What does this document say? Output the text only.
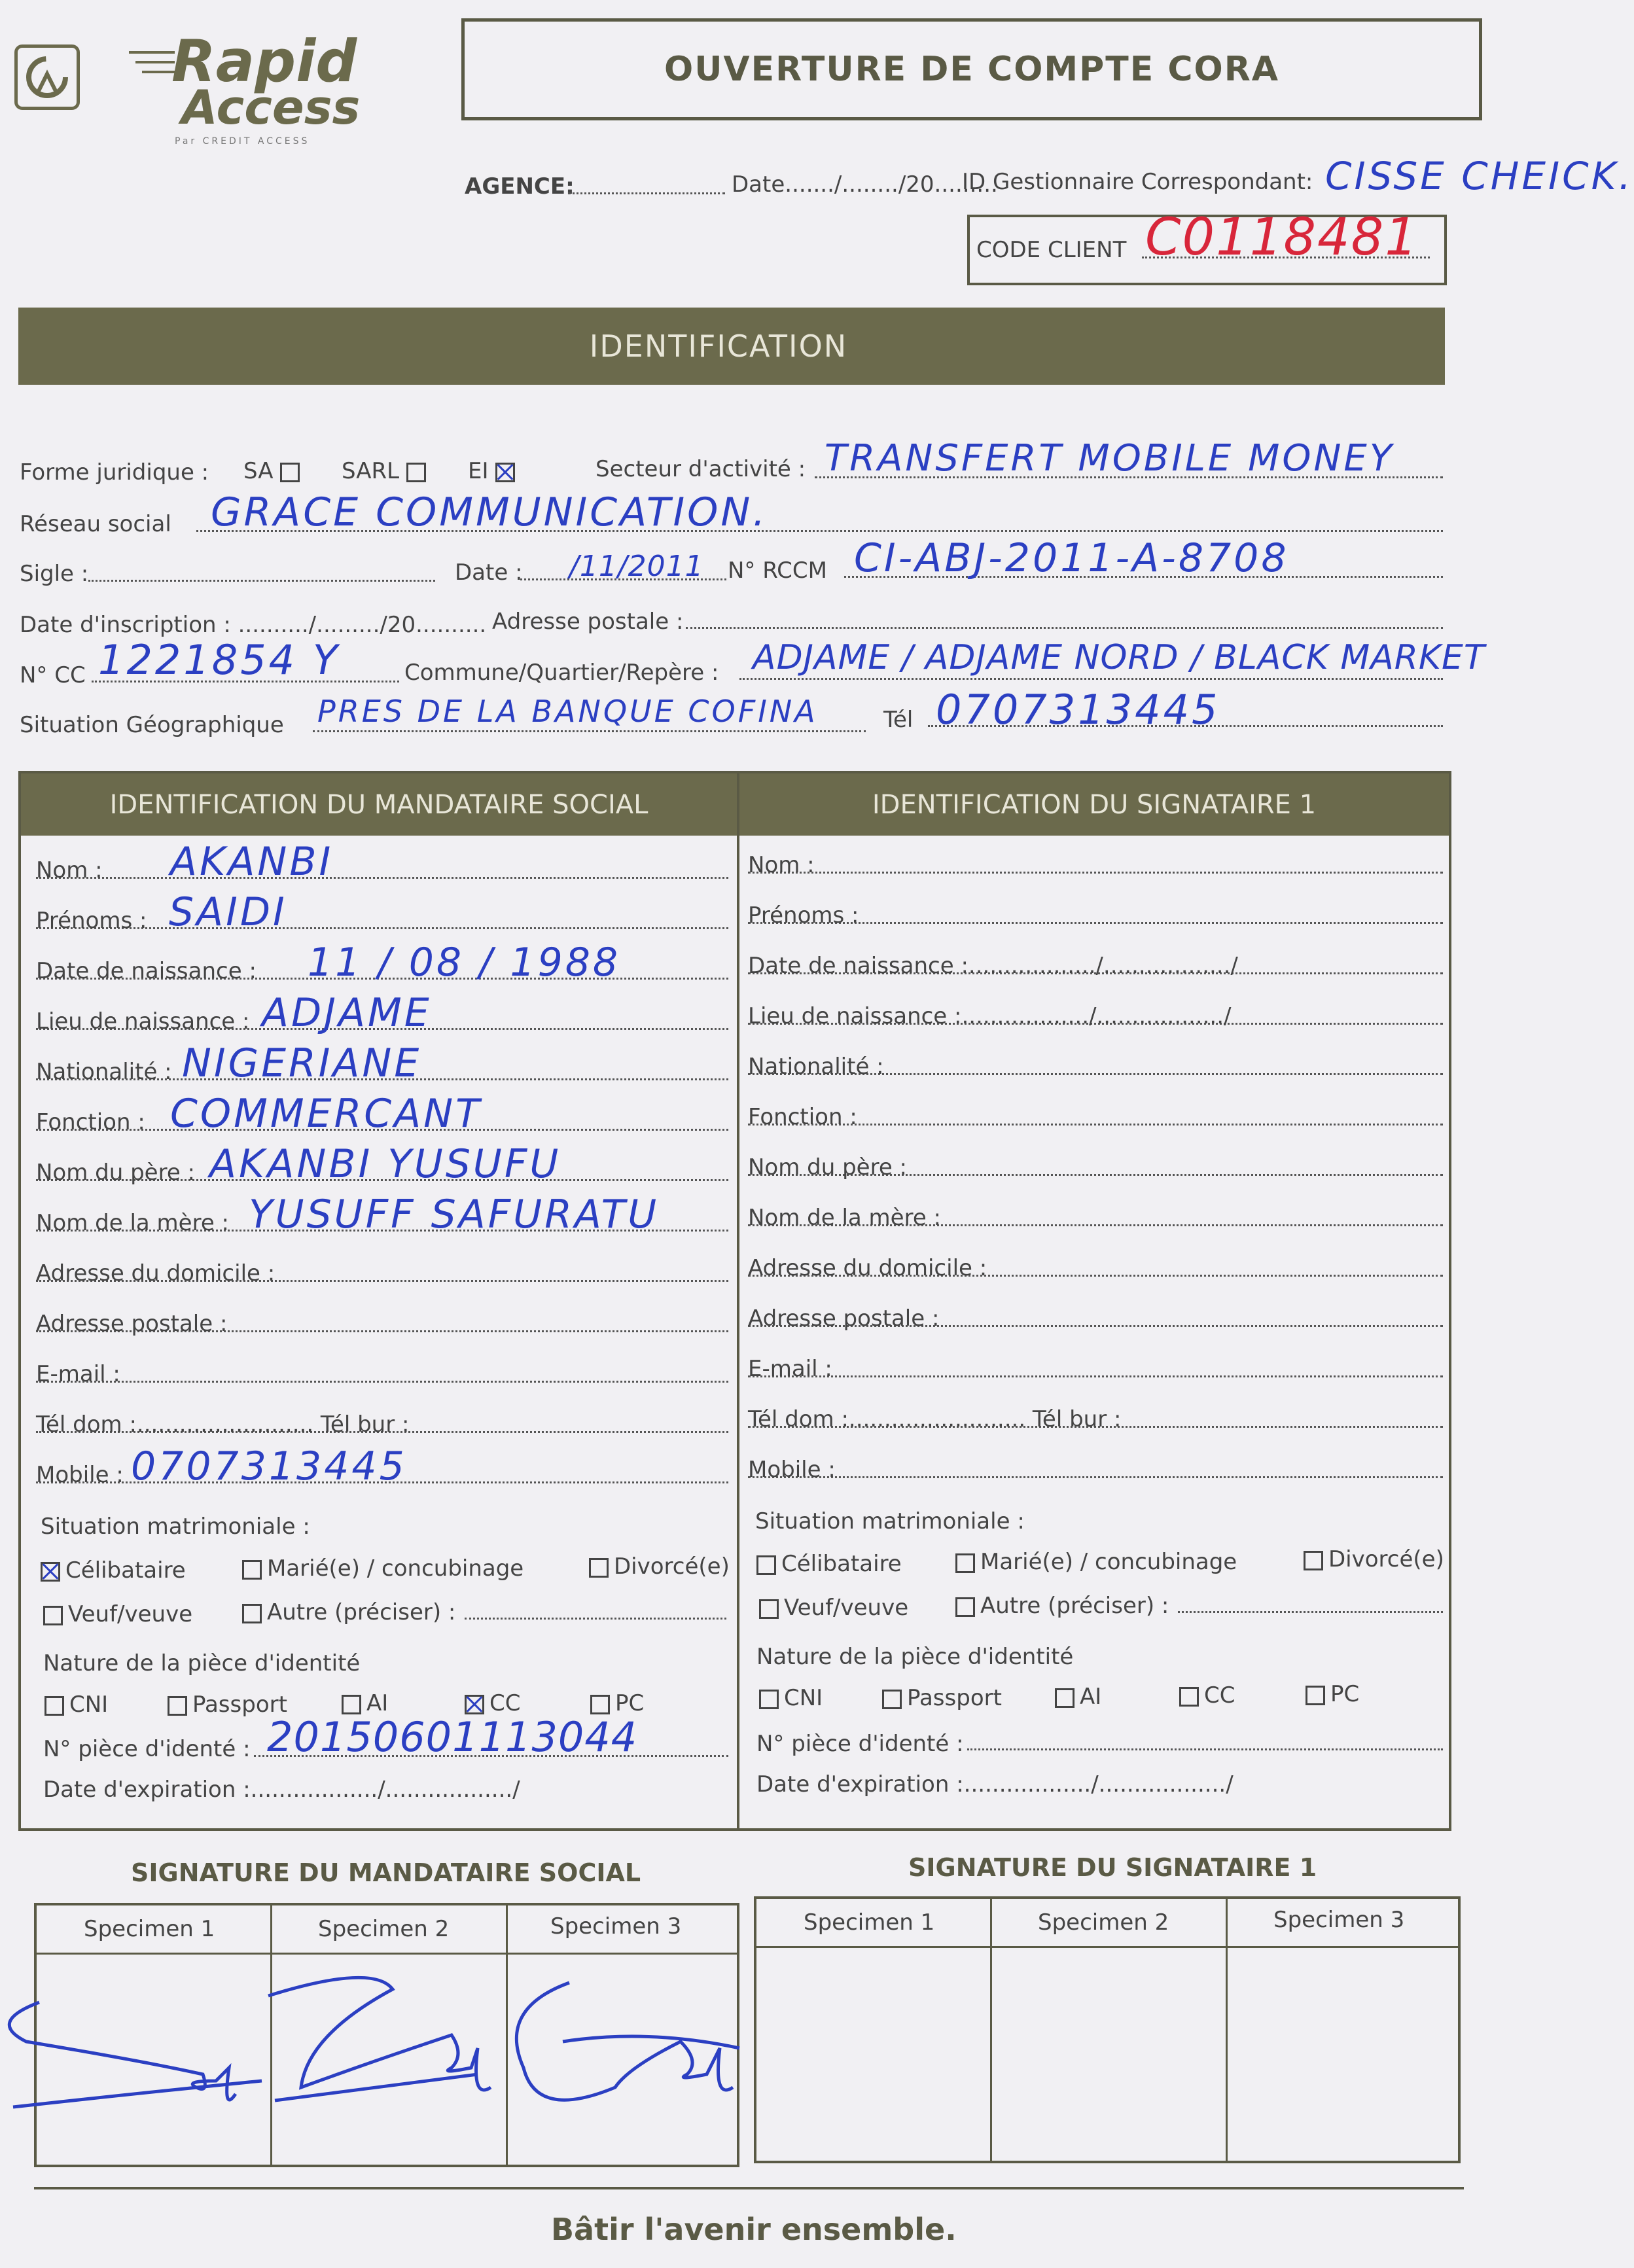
Rapid
Access
Par CREDIT ACCESS
OUVERTURE DE COMPTE CORA
AGENCE:	Date......./......../20.........
ID Gestionnaire Correspondant: CISSE CHEICK.
CODE CLIENT C0118481
IDENTIFICATION
Forme juridique : SA	SARL	EI	Secteur d'activité : TRANSFERT MOBILE MONEY
Réseau social GRACE COMMUNICATION.
Sigle :	Date : /11/2011 N° RCCM CI-ABJ-2011-A-8708
Date d'inscription : ........../........./20.......... Adresse postale :
N° CC 1221854 Y	Commune/Quartier/Repère : ADJAME / ADJAME NORD / BLACK MARKET
Situation Géographique PRES DE LA BANQUE COFINA	Tél 0707313445
IDENTIFICATION DU MANDATAIRE SOCIAL	IDENTIFICATION DU SIGNATAIRE 1
Nom : AKANBI
Prénoms : SAIDI
Date de naissance : 11 / 08 / 1988
Lieu de naissance : ADJAME
Nationalité : NIGERIANE
Fonction : COMMERCANT
Nom du père : AKANBI YUSUFU
Nom de la mère : YUSUFF SAFURATU
Adresse du domicile :
Adresse postale :
E-mail :
Tél dom :......................... Tél bur :
Mobile : 0707313445
Nom :
Prénoms :
Date de naissance :................../................../
Lieu de naissance :................../................../
Nationalité :
Fonction :
Nom du père :
Nom de la mère :
Adresse du domicile :
Adresse postale :
E-mail :
Tél dom :......................... Tél bur :
Mobile :
Situation matrimoniale :
Célibataire	Marié(e) / concubinage	Divorcé(e)
Veuf/veuve	Autre (préciser) :
Nature de la pièce d'identité
CNI	Passport	AI	CC	PC
N° pièce d'identé : 20150601113044
Date d'expiration :................../................../
Situation matrimoniale :
Célibataire	Marié(e) / concubinage	Divorcé(e)
Veuf/veuve	Autre (préciser) :
Nature de la pièce d'identité
CNI	Passport	AI	CC	PC
N° pièce d'identé :
Date d'expiration :................../................../
SIGNATURE DU MANDATAIRE SOCIAL	SIGNATURE DU SIGNATAIRE 1
Specimen 1	Specimen 2	Specimen 3	Specimen 1	Specimen 2	Specimen 3
Bâtir l'avenir ensemble.
